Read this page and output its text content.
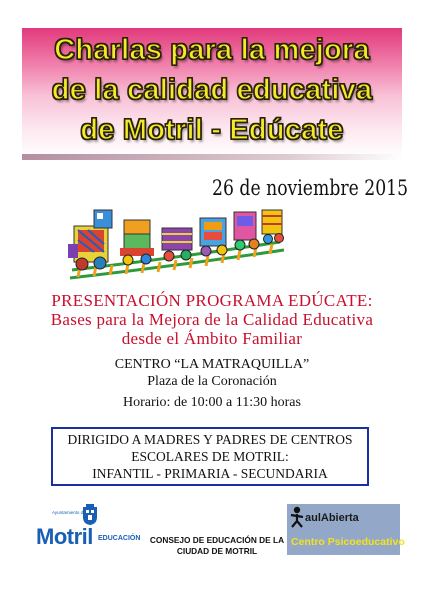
Charlas para la mejora
de la calidad educativa
de Motril - Edúcate
26 de noviembre 2015
PRESENTACIÓN PROGRAMA EDÚCATE:
Bases para la Mejora de la Calidad Educativa
desde el Ámbito Familiar
CENTRO “LA MATRAQUILLA”
Plaza de la Coronación
Horario: de 10:00 a 11:30 horas
DIRIGIDO A MADRES Y PADRES DE CENTROS
ESCOLARES DE MOTRIL:
INFANTIL - PRIMARIA - SECUNDARIA
Ayuntamiento de
Motril EDUCACIÓN	CONSEJO DE EDUCACIÓN DE LA
CIUDAD DE MOTRIL
aulAbierta
Centro Psicoeducativo
